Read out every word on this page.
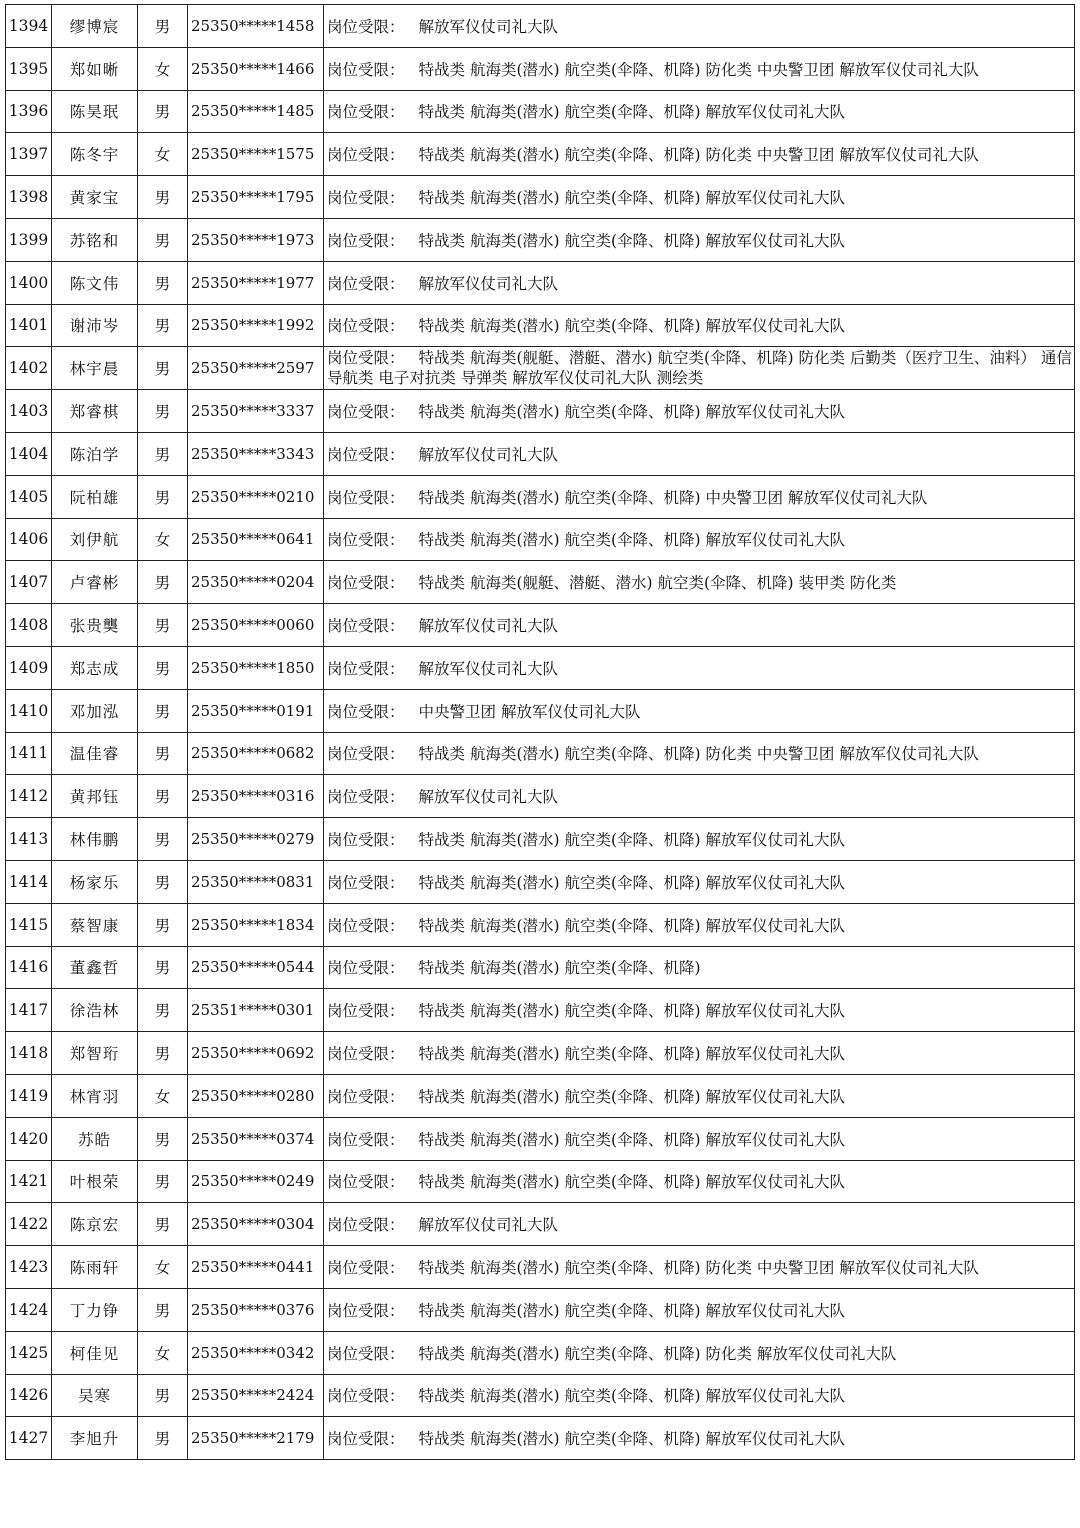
1394	缪博宸	男	25350*****1458	岗位受限： 解放军仪仗司礼大队
1395	郑如晰	女	25350*****1466	岗位受限： 特战类 航海类(潜水) 航空类(伞降、机降) 防化类 中央警卫团 解放军仪仗司礼大队
1396	陈昊珉	男	25350*****1485	岗位受限： 特战类 航海类(潜水) 航空类(伞降、机降) 解放军仪仗司礼大队
1397	陈冬宇	女	25350*****1575	岗位受限： 特战类 航海类(潜水) 航空类(伞降、机降) 防化类 中央警卫团 解放军仪仗司礼大队
1398	黄家宝	男	25350*****1795	岗位受限： 特战类 航海类(潜水) 航空类(伞降、机降) 解放军仪仗司礼大队
1399	苏铭和	男	25350*****1973	岗位受限： 特战类 航海类(潜水) 航空类(伞降、机降) 解放军仪仗司礼大队
1400	陈文伟	男	25350*****1977	岗位受限： 解放军仪仗司礼大队
1401	谢沛岑	男	25350*****1992	岗位受限： 特战类 航海类(潜水) 航空类(伞降、机降) 解放军仪仗司礼大队
1402	林宇晨	男	25350*****2597	岗位受限： 特战类 航海类(舰艇、潜艇、潜水) 航空类(伞降、机降) 防化类 后勤类（医疗卫生、油料） 通信导航类 电子对抗类 导弹类 解放军仪仗司礼大队 测绘类
1403	郑睿棋	男	25350*****3337	岗位受限： 特战类 航海类(潜水) 航空类(伞降、机降) 解放军仪仗司礼大队
1404	陈泊学	男	25350*****3343	岗位受限： 解放军仪仗司礼大队
1405	阮柏雄	男	25350*****0210	岗位受限： 特战类 航海类(潜水) 航空类(伞降、机降) 中央警卫团 解放军仪仗司礼大队
1406	刘伊航	女	25350*****0641	岗位受限： 特战类 航海类(潜水) 航空类(伞降、机降) 解放军仪仗司礼大队
1407	卢睿彬	男	25350*****0204	岗位受限： 特战类 航海类(舰艇、潜艇、潜水) 航空类(伞降、机降) 装甲类 防化类
1408	张贵龑	男	25350*****0060	岗位受限： 解放军仪仗司礼大队
1409	郑志成	男	25350*****1850	岗位受限： 解放军仪仗司礼大队
1410	邓加泓	男	25350*****0191	岗位受限： 中央警卫团 解放军仪仗司礼大队
1411	温佳睿	男	25350*****0682	岗位受限： 特战类 航海类(潜水) 航空类(伞降、机降) 防化类 中央警卫团 解放军仪仗司礼大队
1412	黄邦钰	男	25350*****0316	岗位受限： 解放军仪仗司礼大队
1413	林伟鹏	男	25350*****0279	岗位受限： 特战类 航海类(潜水) 航空类(伞降、机降) 解放军仪仗司礼大队
1414	杨家乐	男	25350*****0831	岗位受限： 特战类 航海类(潜水) 航空类(伞降、机降) 解放军仪仗司礼大队
1415	蔡智康	男	25350*****1834	岗位受限： 特战类 航海类(潜水) 航空类(伞降、机降) 解放军仪仗司礼大队
1416	董鑫哲	男	25350*****0544	岗位受限： 特战类 航海类(潜水) 航空类(伞降、机降)
1417	徐浩林	男	25351*****0301	岗位受限： 特战类 航海类(潜水) 航空类(伞降、机降) 解放军仪仗司礼大队
1418	郑智珩	男	25350*****0692	岗位受限： 特战类 航海类(潜水) 航空类(伞降、机降) 解放军仪仗司礼大队
1419	林宵羽	女	25350*****0280	岗位受限： 特战类 航海类(潜水) 航空类(伞降、机降) 解放军仪仗司礼大队
1420	苏皓	男	25350*****0374	岗位受限： 特战类 航海类(潜水) 航空类(伞降、机降) 解放军仪仗司礼大队
1421	叶根荣	男	25350*****0249	岗位受限： 特战类 航海类(潜水) 航空类(伞降、机降) 解放军仪仗司礼大队
1422	陈京宏	男	25350*****0304	岗位受限： 解放军仪仗司礼大队
1423	陈雨轩	女	25350*****0441	岗位受限： 特战类 航海类(潜水) 航空类(伞降、机降) 防化类 中央警卫团 解放军仪仗司礼大队
1424	丁力铮	男	25350*****0376	岗位受限： 特战类 航海类(潜水) 航空类(伞降、机降) 解放军仪仗司礼大队
1425	柯佳见	女	25350*****0342	岗位受限： 特战类 航海类(潜水) 航空类(伞降、机降) 防化类 解放军仪仗司礼大队
1426	吴寒	男	25350*****2424	岗位受限： 特战类 航海类(潜水) 航空类(伞降、机降) 解放军仪仗司礼大队
1427	李旭升	男	25350*****2179	岗位受限： 特战类 航海类(潜水) 航空类(伞降、机降) 解放军仪仗司礼大队
